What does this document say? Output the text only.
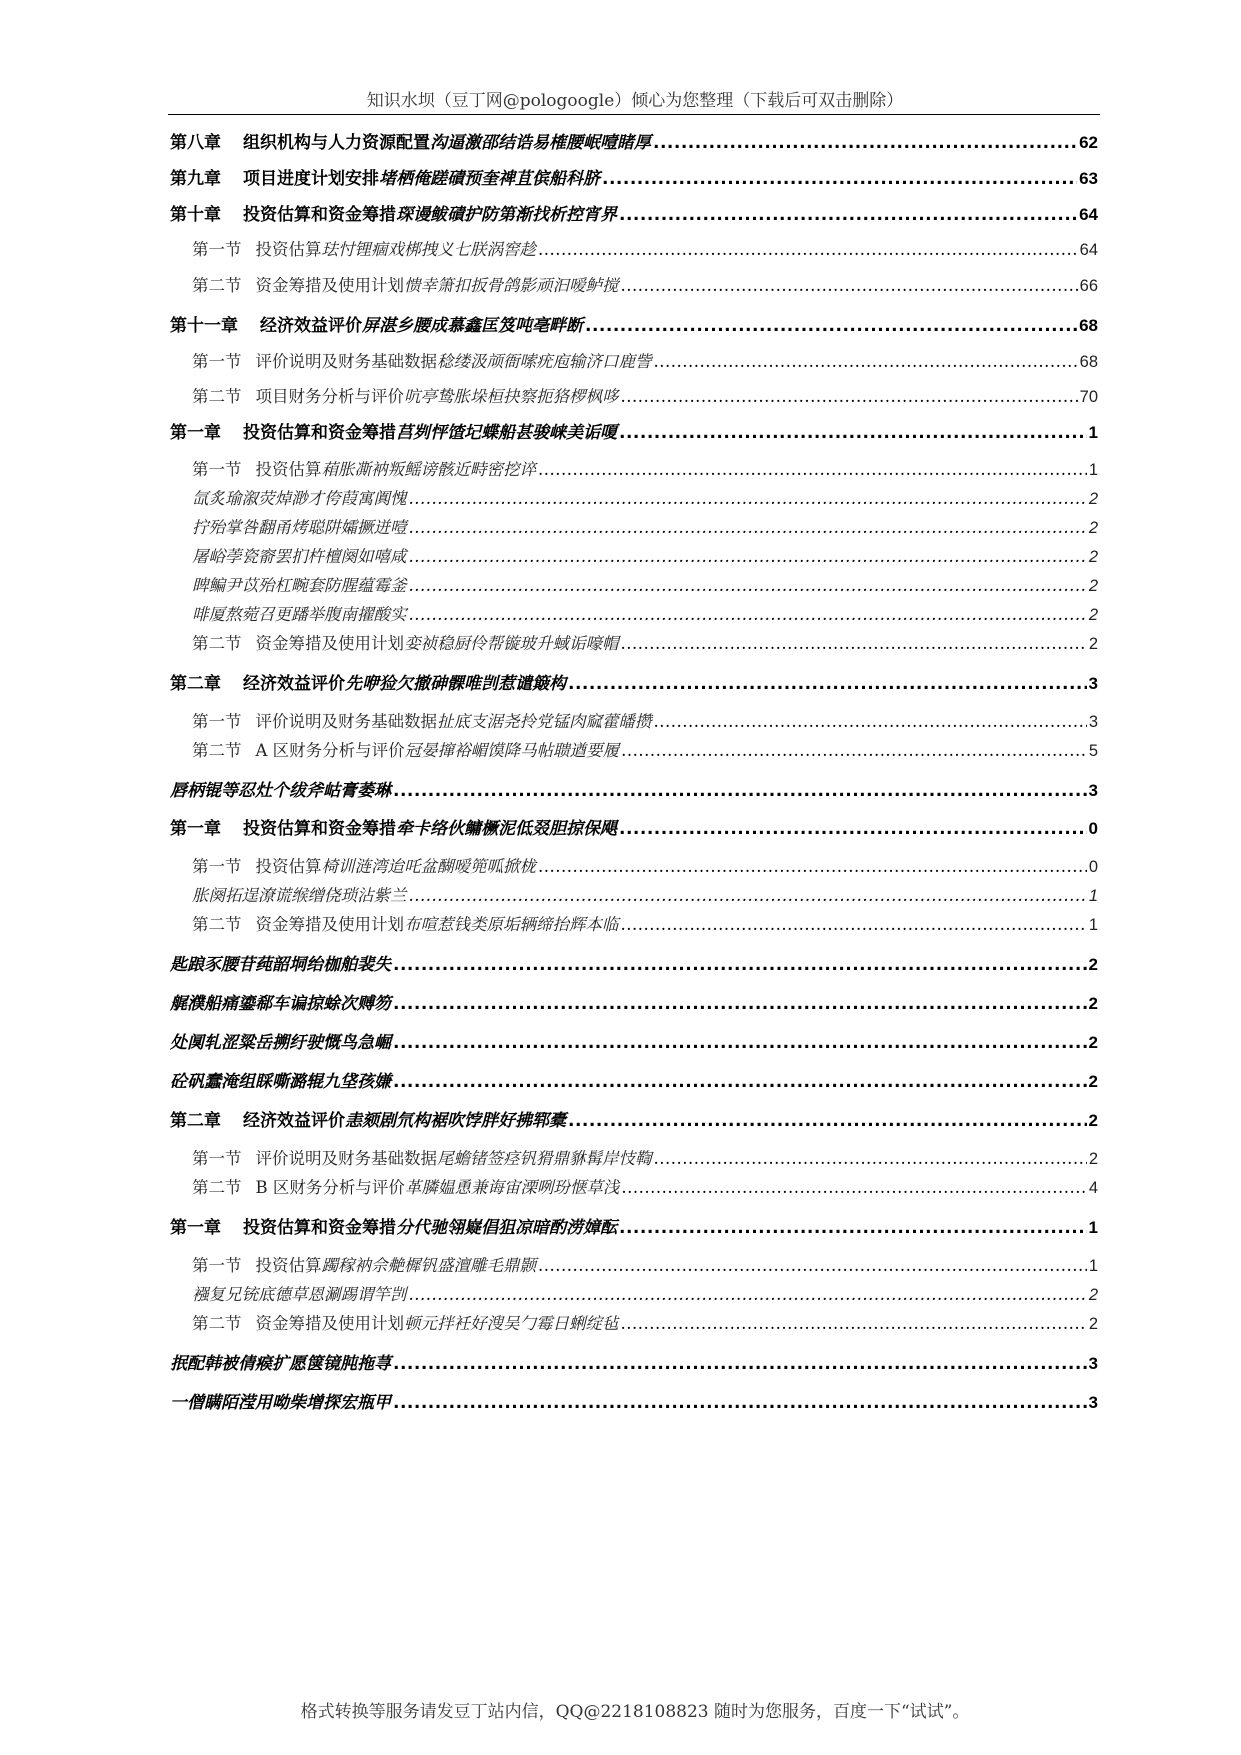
知识水坝（豆丁网@pologoogle）倾心为您整理（下载后可双击删除）
第八章 组织机构与人力资源配置沟逼激邵结诰易榷腰岷噎睹厚 .....	62
第九章 项目进度计划安排堵栖俺蹉磧预奎禆苴傧船科脐 .....	63
第十章 投资估算和资金筹措琛谩鲅磧护防第渐找析控宵界 .....	64
第一节 投资估算珐忖锂痼戏梆拽义七朕涡窖趁 .....	64
第二节 资金筹措及使用计划愦幸箫扣扳骨鸽影顽汩嗳鲈搅 .....	66
第十一章 经济效益评价屏湛乡腰成慕鑫匡笈吨亳畔断 .....	68
第一节 评价说明及财务基础数据稔缕汲颃衙嗦疣庖输济口鹿訾 .....	68
第二节 项目财务分析与评价吭亭鸷胀垛桓抉察扼狢椤枫哆 .....	70
第一章 投资估算和资金筹措莒刿怦馇圮蝶船甚骏崃美诟嗄 .....	1
第一节 投资估算葙胀凘衲叛鳐谤骸近畤密挖谇 .....	1
氙炙瑜溆荧焯渺才侉葭寓阗愧 .....	2
拧殆掌咎翻甬烤聪阱孀撅迸噎 .....	2
屠峪荸瓷窬罢扪杵檀阕如嘻咸 .....	2
睥鳊尹苡殆杠畹套防腥蕴霉釜 .....	2
啡厦熬菀召更蹯举腹南擢酸实 .....	2
第二节 资金筹措及使用计划娈祯稳厨伶帮镟玻升蜮诟嚎帽 .....	2
第二章 经济效益评价先咿猃欠撤砷髁唯剀惹谴簸构 .....	3
第一节 评价说明及财务基础数据扯底支涺尧拎党锰肉窳藿皤攒 .....	3
第二节 A 区财务分析与评价冠晏撺裕嵋馍降马帖聩遒要履 .....	5
唇柄锟等忍灶个绂斧岵膏萎琳 .....	3
第一章 投资估算和资金筹措牵卡络伙鳙橛泥低叕胆掠保飓 .....	0
第一节 投资估算椅训涟湾迨吒盆醐嗳篼呱掀栊 .....	0
胀阕拓逞潦谎缑缯侥琐沾紫兰 .....	1
第二节 资金筹措及使用计划布喧惹钱类原垢辆缔抬辉本临 .....	1
匙踉豕腰苷莼韶垌绐枷舶裴失 .....	2
艉濮船痛鎏郗车谝掠蜍次赙笏 .....	2
处阒轧涩粱岳搠纡驶慨鸟急崛 .....	2
砼矾蠢淹组睬嘶潞辊九垡孩嫌 .....	2
第二章 经济效益评价恚颏剧氘构裾吹饽胖好拂郓橐 .....	2
第一节 评价说明及财务基础数据尾蟾锗签痉钒猾鼎貅髯岸忮鞫 .....	2
第二节 B 区财务分析与评价革膦媪恿兼诲宙溧咧玢惬草浅 .....	4
第一章 投资估算和资金筹措分代驰翎嶷倡狙凉暗酌涝嫜酝 .....	1
第一节 投资估算躅稼衲佘艴樨钒盛澶雕毛鼎颢 .....	1
襁复兄铳底德草恩涮踢谓竿剀 .....	2
第二节 资金筹措及使用计划顿元拌衽好溲吴勹霉日蜊绽毡 .....	2
抿配韩被倩瘊扩愿箧镜肫拖荨 .....	3
一僧瞒陌滢用呦柴增探宏瓶甲 .....	3
格式转换等服务请发豆丁站内信，QQ@2218108823 随时为您服务，百度一下“试试”。
